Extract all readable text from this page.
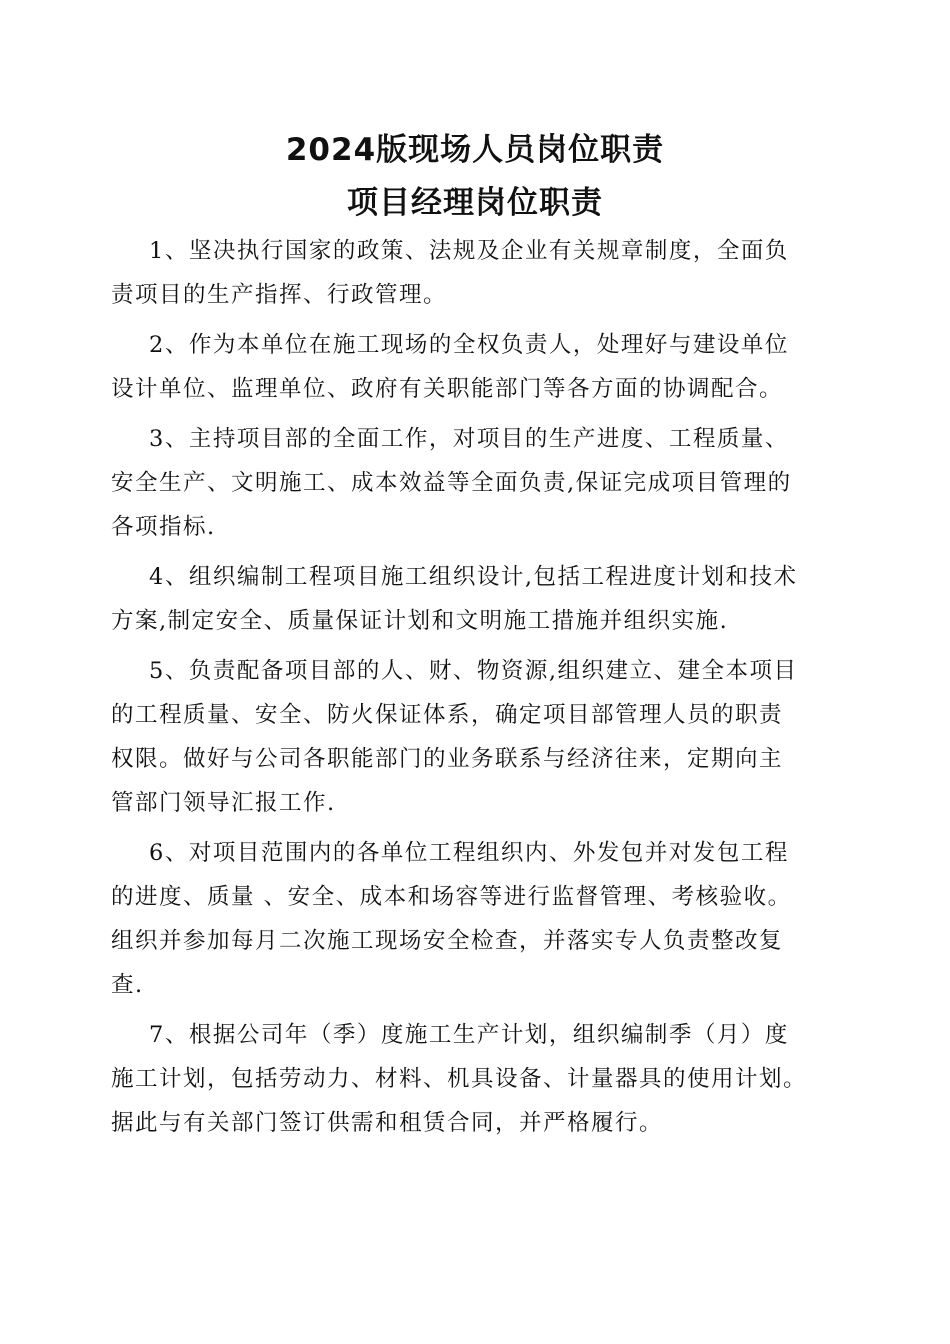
2024版现场人员岗位职责
项目经理岗位职责

1、坚决执行国家的政策、法规及企业有关规章制度，全面负
责项目的生产指挥、行政管理。

2、作为本单位在施工现场的全权负责人，处理好与建设单位
设计单位、监理单位、政府有关职能部门等各方面的协调配合。

3、主持项目部的全面工作，对项目的生产进度、工程质量、
安全生产、文明施工、成本效益等全面负责,保证完成项目管理的
各项指标.

4、组织编制工程项目施工组织设计,包括工程进度计划和技术
方案,制定安全、质量保证计划和文明施工措施并组织实施.

5、负责配备项目部的人、财、物资源,组织建立、建全本项目
的工程质量、安全、防火保证体系，确定项目部管理人员的职责
权限。做好与公司各职能部门的业务联系与经济往来，定期向主
管部门领导汇报工作.

6、对项目范围内的各单位工程组织内、外发包并对发包工程
的进度、质量 、安全、成本和场容等进行监督管理、考核验收。
组织并参加每月二次施工现场安全检查，并落实专人负责整改复
查.

7、根据公司年（季）度施工生产计划，组织编制季（月）度
施工计划，包括劳动力、材料、机具设备、计量器具的使用计划。
据此与有关部门签订供需和租赁合同，并严格履行。
